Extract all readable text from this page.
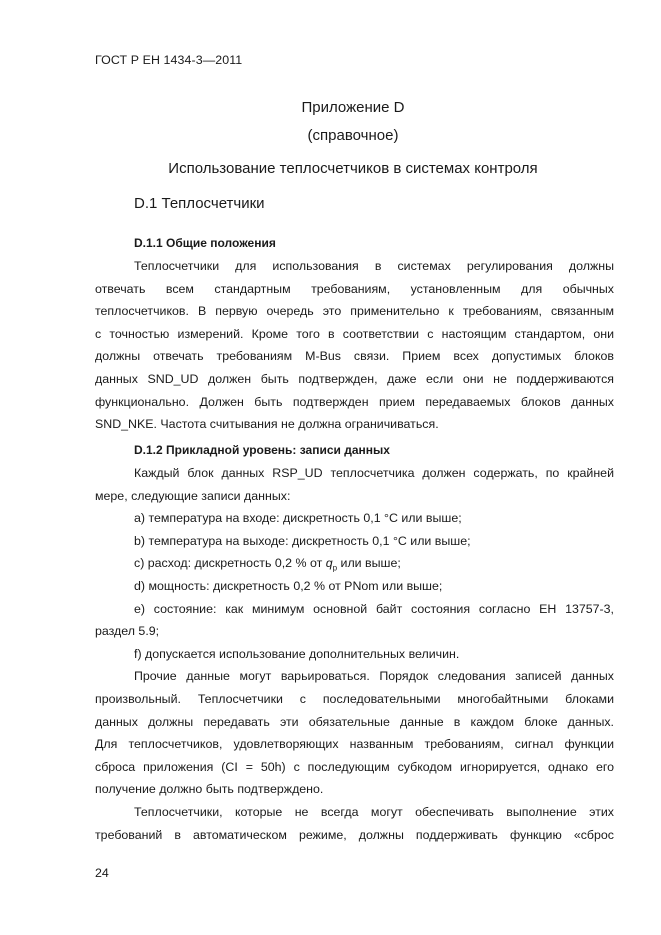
ГОСТ Р ЕН 1434-3—2011
Приложение D
(справочное)
Использование теплосчетчиков в системах контроля
D.1 Теплосчетчики
D.1.1 Общие положения
Теплосчетчики для использования в системах регулирования должны
отвечать всем стандартным требованиям, установленным для обычных
теплосчетчиков. В первую очередь это применительно к требованиям, связанным
с точностью измерений. Кроме того в соответствии с настоящим стандартом, они
должны отвечать требованиям M-Bus связи. Прием всех допустимых блоков
данных SND_UD должен быть подтвержден, даже если они не поддерживаются
функционально. Должен быть подтвержден прием передаваемых блоков данных
SND_NKE. Частота считывания не должна ограничиваться.
D.1.2 Прикладной уровень: записи данных
Каждый блок данных RSP_UD теплосчетчика должен содержать, по крайней
мере, следующие записи данных:
a) температура на входе: дискретность 0,1 °C или выше;
b) температура на выходе: дискретность 0,1 °C или выше;
c) расход: дискретность 0,2 % от $q_p$ или выше;
d) мощность: дискретность 0,2 % от PNom или выше;
e) состояние: как минимум основной байт состояния согласно ЕН 13757-3,
раздел 5.9;
f) допускается использование дополнительных величин.
Прочие данные могут варьироваться. Порядок следования записей данных
произвольный. Теплосчетчики с последовательными многобайтными блоками
данных должны передавать эти обязательные данные в каждом блоке данных.
Для теплосчетчиков, удовлетворяющих названным требованиям, сигнал функции
сброса приложения (CI = 50h) с последующим субкодом игнорируется, однако его
получение должно быть подтверждено.
Теплосчетчики, которые не всегда могут обеспечивать выполнение этих
требований в автоматическом режиме, должны поддерживать функцию «сброс
24
